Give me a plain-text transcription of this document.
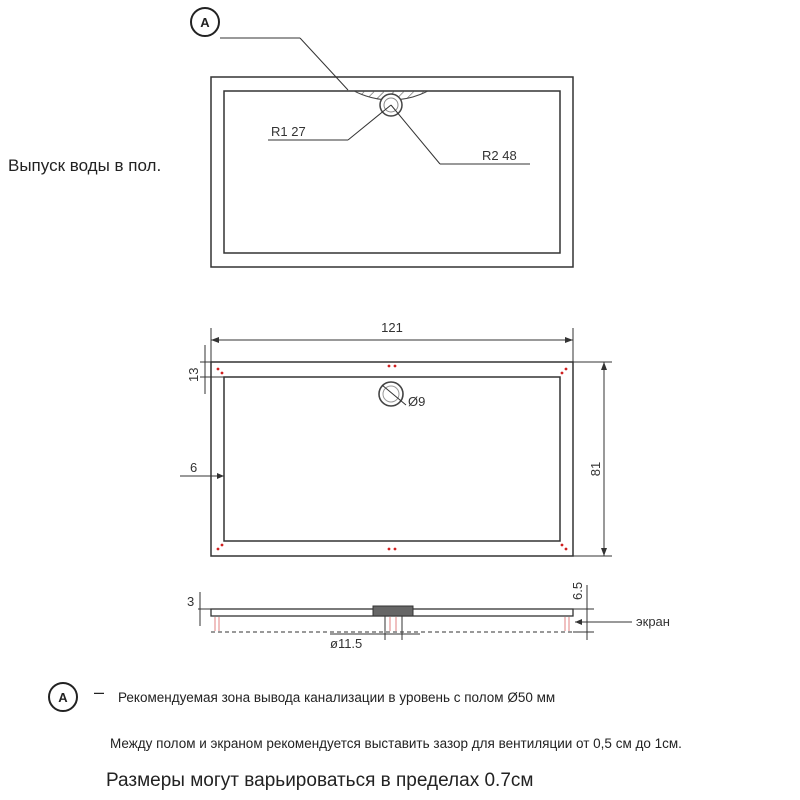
A
R1 27
R2 48
121
Ø9
13
6	81
3
6.5
экран
ø11.5
A
Выпуск воды в пол.
– Рекомендуемая зона вывода канализации в уровень с полом Ø50 мм
Между полом и экраном рекомендуется выставить зазор для вентиляции от 0,5 см до 1см.
Размеры могут варьироваться в пределах 0.7см
